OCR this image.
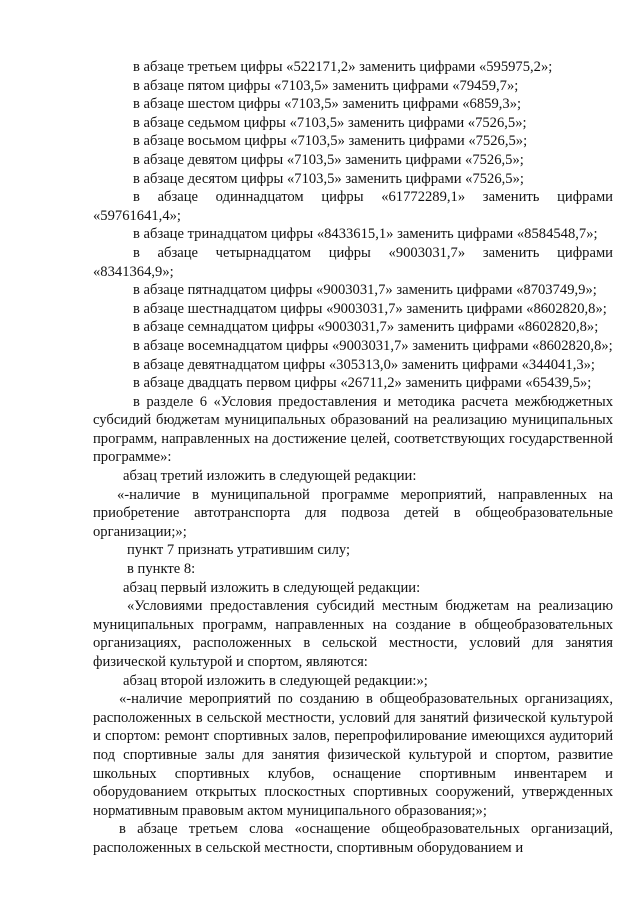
в абзаце третьем цифры «522171,2» заменить цифрами «595975,2»;

в абзаце пятом цифры «7103,5» заменить цифрами «79459,7»;

в абзаце шестом цифры «7103,5» заменить цифрами «6859,3»;

в абзаце седьмом цифры «7103,5» заменить цифрами «7526,5»;

в абзаце восьмом цифры «7103,5» заменить цифрами «7526,5»;

в абзаце девятом цифры «7103,5» заменить цифрами «7526,5»;

в абзаце десятом цифры «7103,5» заменить цифрами «7526,5»;

в абзаце одиннадцатом цифры «61772289,1» заменить цифрами «59761641,4»;

в абзаце тринадцатом цифры «8433615,1» заменить цифрами «8584548,7»;

в абзаце четырнадцатом цифры «9003031,7» заменить цифрами «8341364,9»;

в абзаце пятнадцатом цифры «9003031,7» заменить цифрами «8703749,9»;

в абзаце шестнадцатом цифры «9003031,7» заменить цифрами «8602820,8»;

в абзаце семнадцатом цифры «9003031,7» заменить цифрами «8602820,8»;

в абзаце восемнадцатом цифры «9003031,7» заменить цифрами «8602820,8»;

в абзаце девятнадцатом цифры «305313,0» заменить цифрами «344041,3»;

в абзаце двадцать первом цифры «26711,2» заменить цифрами «65439,5»;

в разделе 6 «Условия предоставления и методика расчета межбюджетных субсидий бюджетам муниципальных образований на реализацию муниципальных программ, направленных на достижение целей, соответствующих государственной программе»:

абзац третий изложить в следующей редакции:

«-наличие в муниципальной программе мероприятий, направленных на приобретение автотранспорта для подвоза детей в общеобразовательные организации;»;

пункт 7 признать утратившим силу;

в пункте 8:

абзац первый изложить в следующей редакции:

«Условиями предоставления субсидий местным бюджетам на реализацию муниципальных программ, направленных на создание в общеобразовательных организациях, расположенных в сельской местности, условий для занятия физической культурой и спортом, являются:

абзац второй изложить в следующей редакции:»;

«-наличие мероприятий по созданию в общеобразовательных организациях, расположенных в сельской местности, условий для занятий физической культурой и спортом: ремонт спортивных залов, перепрофилирование имеющихся аудиторий под спортивные залы для занятия физической культурой и спортом, развитие школьных спортивных клубов, оснащение спортивным инвентарем и оборудованием открытых плоскостных спортивных сооружений, утвержденных нормативным правовым актом муниципального образования;»;

в абзаце третьем слова «оснащение общеобразовательных организаций, расположенных в сельской местности, спортивным оборудованием и
